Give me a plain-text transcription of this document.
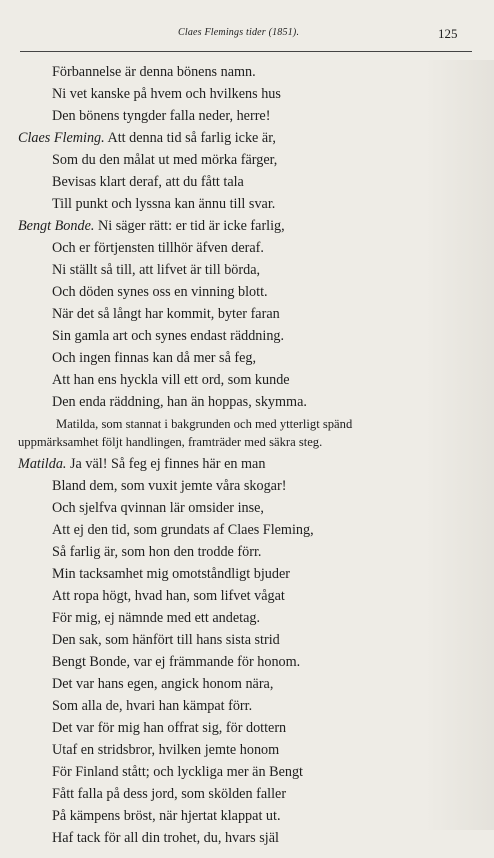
Claes Flemings tider (1851).	125
Förbannelse är denna bönens namn.
Ni vet kanske på hvem och hvilkens hus
Den bönens tyngder falla neder, herre!
Claes Fleming. Att denna tid så farlig icke är,
Som du den målat ut med mörka färger,
Bevisas klart deraf, att du fått tala
Till punkt och lyssna kan ännu till svar.
Bengt Bonde. Ni säger rätt: er tid är icke farlig,
Och er förtjensten tillhör äfven deraf.
Ni ställt så till, att lifvet är till börda,
Och döden synes oss en vinning blott.
När det så långt har kommit, byter faran
Sin gamla art och synes endast räddning.
Och ingen finnas kan då mer så feg,
Att han ens hyckla vill ett ord, som kunde
Den enda räddning, han än hoppas, skymma.
Matilda, som stannat i bakgrunden och med ytterligt spänd
uppmärksamhet följt handlingen, framträder med säkra steg.
Matilda. Ja väl! Så feg ej finnes här en man
Bland dem, som vuxit jemte våra skogar!
Och sjelfva qvinnan lär omsider inse,
Att ej den tid, som grundats af Claes Fleming,
Så farlig är, som hon den trodde förr.
Min tacksamhet mig omotståndligt bjuder
Att ropa högt, hvad han, som lifvet vågat
För mig, ej nämnde med ett andetag.
Den sak, som hänfört till hans sista strid
Bengt Bonde, var ej främmande för honom.
Det var hans egen, angick honom nära,
Som alla de, hvari han kämpat förr.
Det var för mig han offrat sig, för dottern
Utaf en stridsbror, hvilken jemte honom
För Finland stått; och lyckliga mer än Bengt
Fått falla på dess jord, som skölden faller
På kämpens bröst, när hjertat klappat ut.
Haf tack för all din trohet, du, hvars själ
